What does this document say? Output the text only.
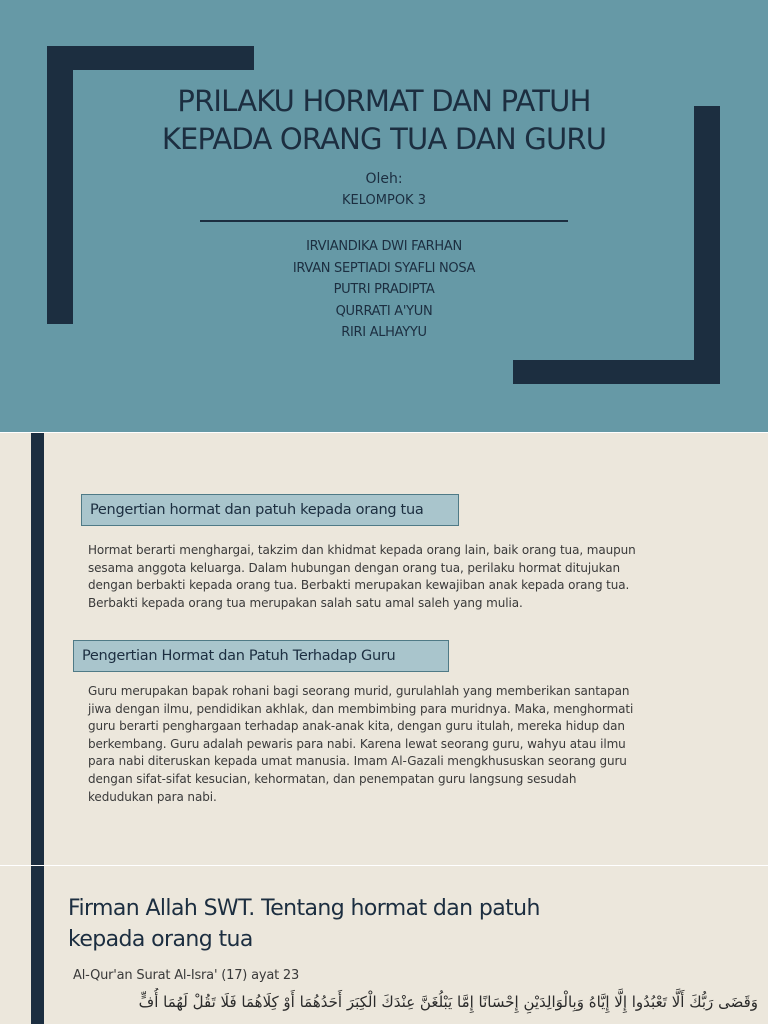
PRILAKU HORMAT DAN PATUH
KEPADA ORANG TUA DAN GURU
Oleh:
KELOMPOK 3
IRVIANDIKA DWI FARHAN
IRVAN SEPTIADI SYAFLI NOSA
PUTRI PRADIPTA
QURRATI A'YUN
RIRI ALHAYYU
Pengertian hormat dan patuh kepada orang tua
Hormat berarti menghargai, takzim dan khidmat kepada orang lain, baik orang tua, maupun
sesama anggota keluarga. Dalam hubungan dengan orang tua, perilaku hormat ditujukan
dengan berbakti kepada orang tua. Berbakti merupakan kewajiban anak kepada orang tua.
Berbakti kepada orang tua merupakan salah satu amal saleh yang mulia.
Pengertian Hormat dan Patuh Terhadap Guru
Guru merupakan bapak rohani bagi seorang murid, gurulahlah yang memberikan santapan
jiwa dengan ilmu, pendidikan akhlak, dan membimbing para muridnya. Maka, menghormati
guru berarti penghargaan terhadap anak-anak kita, dengan guru itulah, mereka hidup dan
berkembang. Guru adalah pewaris para nabi. Karena lewat seorang guru, wahyu atau ilmu
para nabi diteruskan kepada umat manusia. Imam Al-Gazali mengkhususkan seorang guru
dengan sifat-sifat kesucian, kehormatan, dan penempatan guru langsung sesudah
kedudukan para nabi.
Firman Allah SWT. Tentang hormat dan patuh
kepada orang tua
Al-Qur'an Surat Al-Isra' (17) ayat 23
وَقَضَى رَبُّكَ أَلَّا تَعْبُدُوا إِلَّا إِيَّاهُ وَبِالْوَالِدَيْنِ إِحْسَانًا إِمَّا يَبْلُغَنَّ عِنْدَكَ الْكِبَرَ أَحَدُهُمَا أَوْ كِلَاهُمَا فَلَا تَقُلْ لَهُمَا أُفٍّ
